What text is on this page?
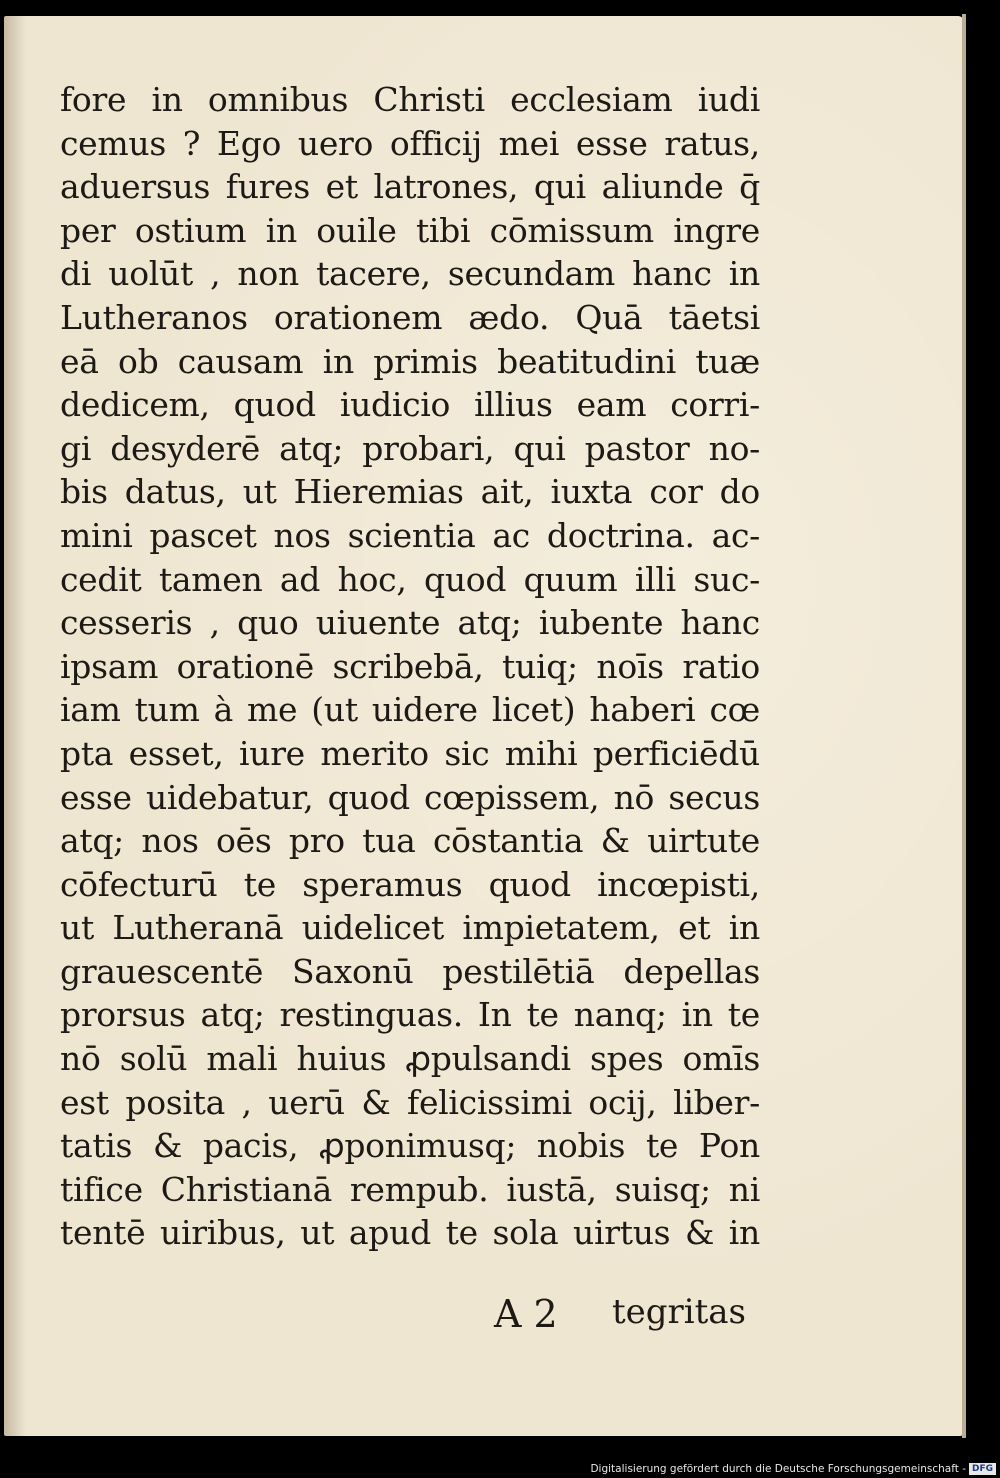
fore in omnibus Christi ecclesiam iudi
cemus ? Ego uero officij mei esse ratus,
aduersus fures et latrones, qui aliunde q̄
per ostium in ouile tibi cōmissum ingre
di uolūt , non tacere, secundam hanc in
Lutheranos orationem ædo. Quā tāetsi
eā ob causam in primis beatitudini tuæ
dedicem, quod iudicio illius eam corri-
gi desyderē atq; probari, qui pastor no-
bis datus, ut Hieremias ait, iuxta cor do
mini pascet nos scientia ac doctrina. ac-
cedit tamen ad hoc, quod quum illi suc-
cesseris , quo uiuente atq; iubente hanc
ipsam orationē scribebā, tuiq; noīs ratio
iam tum à me (ut uidere licet) haberi cœ
pta esset, iure merito sic mihi perficiēdū
esse uidebatur, quod cœpissem, nō secus
atq; nos oēs pro tua cōstantia & uirtute
cōfecturū te speramus quod incœpisti,
ut Lutheranā uidelicet impietatem, et in
grauescentē Saxonū pestilētiā depellas
prorsus atq; restinguas. In te nanq; in te
nō solū mali huius ꝓpulsandi spes omīs
est posita , uerū & felicissimi ocij, liber-
tatis & pacis, ꝓponimusq; nobis te Pon
tifice Christianā rempub. iustā, suisq; ni
tentē uiribus, ut apud te sola uirtus & in
A 2 tegritas
Digitalisierung gefördert durch die Deutsche Forschungsgemeinschaft - DFG
